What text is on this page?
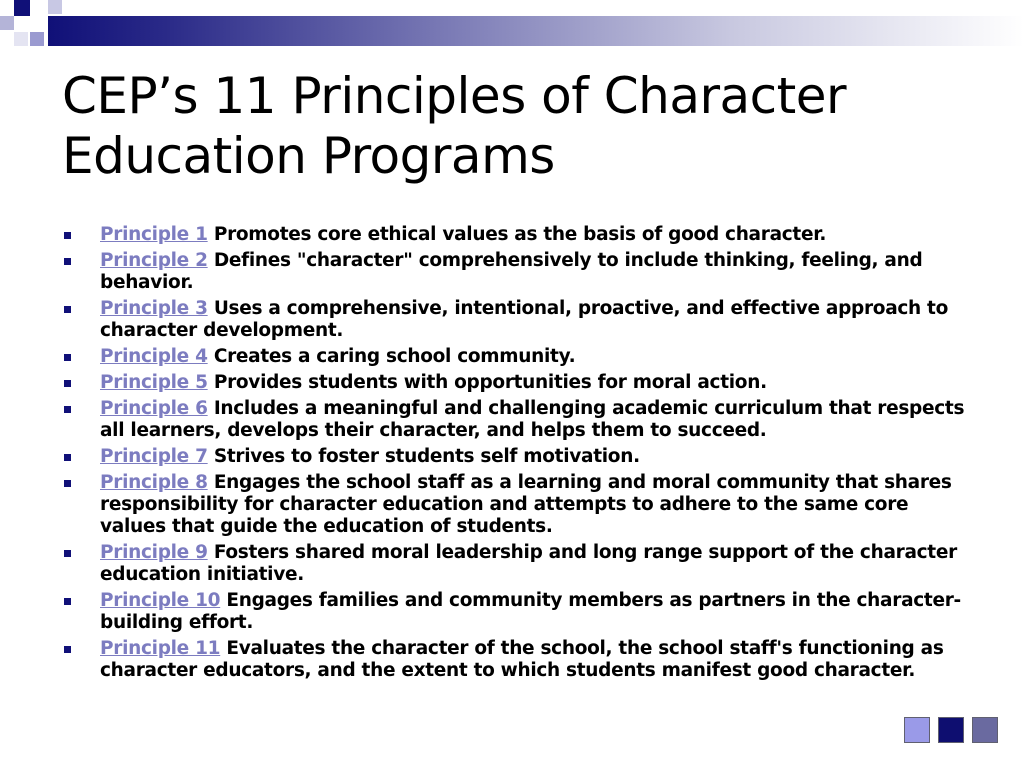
CEP’s 11 Principles of Character Education Programs
Principle 1 Promotes core ethical values as the basis of good character.
Principle 2 Defines "character" comprehensively to include thinking, feeling, and behavior.
Principle 3 Uses a comprehensive, intentional, proactive, and effective approach to character development.
Principle 4 Creates a caring school community.
Principle 5 Provides students with opportunities for moral action.
Principle 6 Includes a meaningful and challenging academic curriculum that respects all learners, develops their character, and helps them to succeed.
Principle 7 Strives to foster students self motivation.
Principle 8 Engages the school staff as a learning and moral community that shares responsibility for character education and attempts to adhere to the same core values that guide the education of students.
Principle 9 Fosters shared moral leadership and long range support of the character education initiative.
Principle 10 Engages families and community members as partners in the character-building effort.
Principle 11 Evaluates the character of the school, the school staff's functioning as character educators, and the extent to which students manifest good character.
